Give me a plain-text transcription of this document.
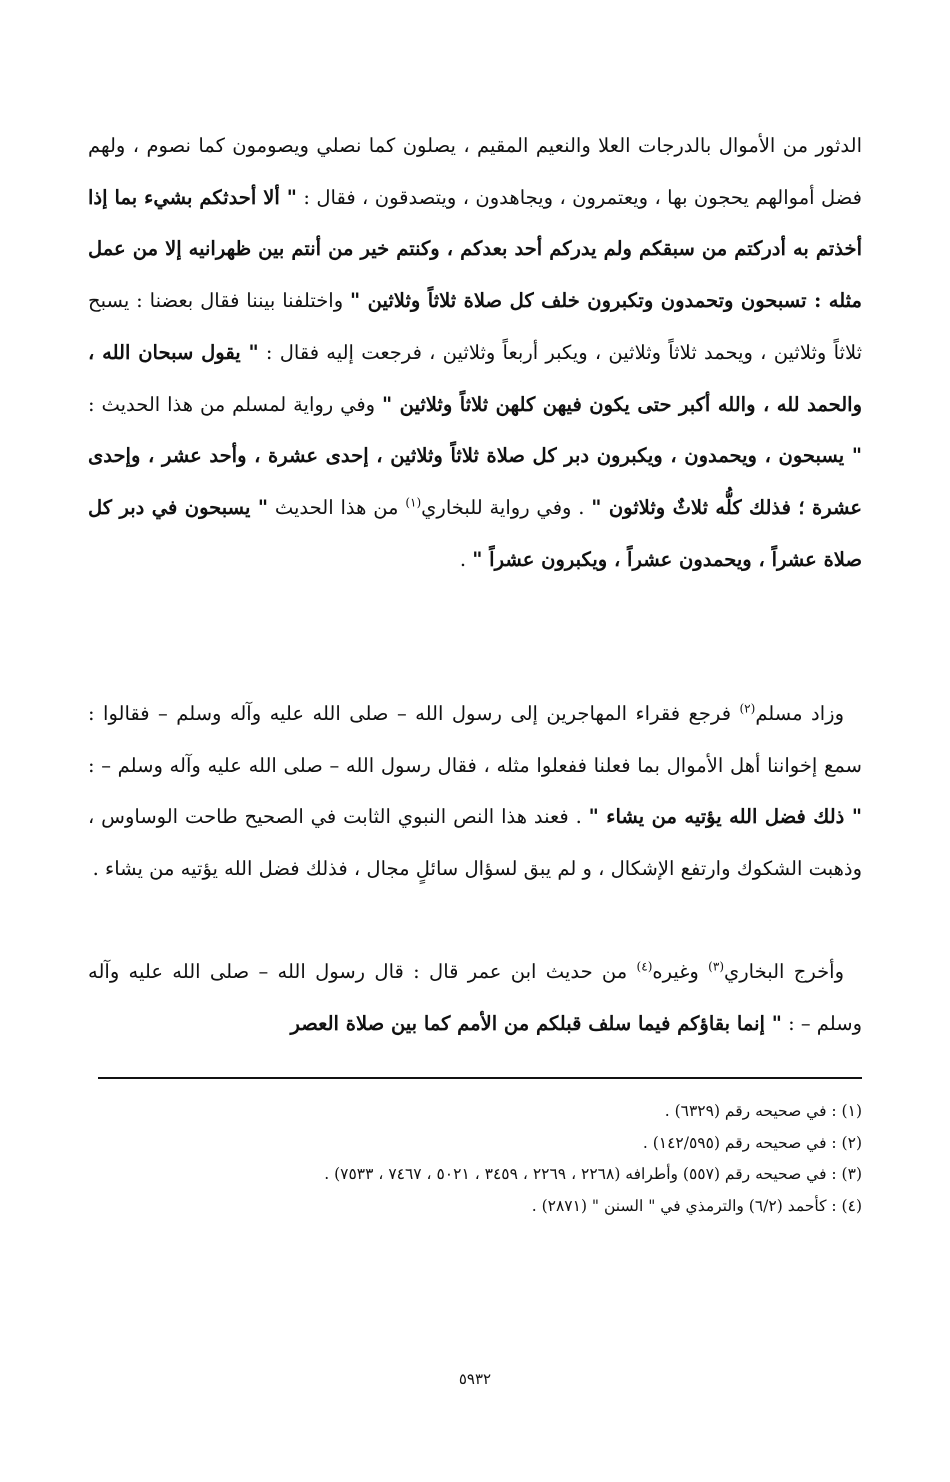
الدثور من الأموال بالدرجات العلا والنعيم المقيم ، يصلون كما نصلي ويصومون كما نصوم ، ولهم فضل أموالهم يحجون بها ، ويعتمرون ، ويجاهدون ، ويتصدقون ، فقال : " ألا أحدثكم بشيء بما إذا أخذتم به أدركتم من سبقكم ولم يدركم أحد بعدكم ، وكنتم خير من أنتم بين ظهرانيه إلا من عمل مثله : تسبحون وتحمدون وتكبرون خلف كل صلاة ثلاثاً وثلاثين " واختلفنا بيننا فقال بعضنا : يسبح ثلاثاً وثلاثين ، ويحمد ثلاثاً وثلاثين ، ويكبر أربعاً وثلاثين ، فرجعت إليه فقال : " يقول سبحان الله ، والحمد لله ، والله أكبر حتى يكون فيهن كلهن ثلاثاً وثلاثين " وفي رواية لمسلم من هذا الحديث : " يسبحون ، ويحمدون ، ويكبرون دبر كل صلاة ثلاثاً وثلاثين ، إحدى عشرة ، وأحد عشر ، وإحدى عشرة ؛ فذلك كلُّه ثلاثٌ وثلاثون " . وفي رواية للبخاري$^{(١)}$ من هذا الحديث " يسبحون في دبر كل صلاة عشراً ، ويحمدون عشراً ، ويكبرون عشراً " .

وزاد مسلم$^{(٢)}$ فرجع فقراء المهاجرين إلى رسول الله – صلى الله عليه وآله وسلم – فقالوا : سمع إخواننا أهل الأموال بما فعلنا ففعلوا مثله ، فقال رسول الله – صلى الله عليه وآله وسلم – : " ذلك فضل الله يؤتيه من يشاء " . فعند هذا النص النبوي الثابت في الصحيح طاحت الوساوس ، وذهبت الشكوك وارتفع الإشكال ، و لم يبق لسؤال سائلٍ مجال ، فذلك فضل الله يؤتيه من يشاء .

وأخرج البخاري$^{(٣)}$ وغيره$^{(٤)}$ من حديث ابن عمر قال : قال رسول الله – صلى الله عليه وآله وسلم – : " إنما بقاؤكم فيما سلف قبلكم من الأمم كما بين صلاة العصر

(١) : في صحيحه رقم (٦٣٢٩) .

(٢) : في صحيحه رقم (١٤٢/٥٩٥) .

(٣) : في صحيحه رقم (٥٥٧) وأطرافه (٢٢٦٨ ، ٢٢٦٩ ، ٣٤٥٩ ، ٥٠٢١ ، ٧٤٦٧ ، ٧٥٣٣) .

(٤) : كأحمد (٦/٢) والترمذي في " السنن " (٢٨٧١) .

٥٩٣٢
